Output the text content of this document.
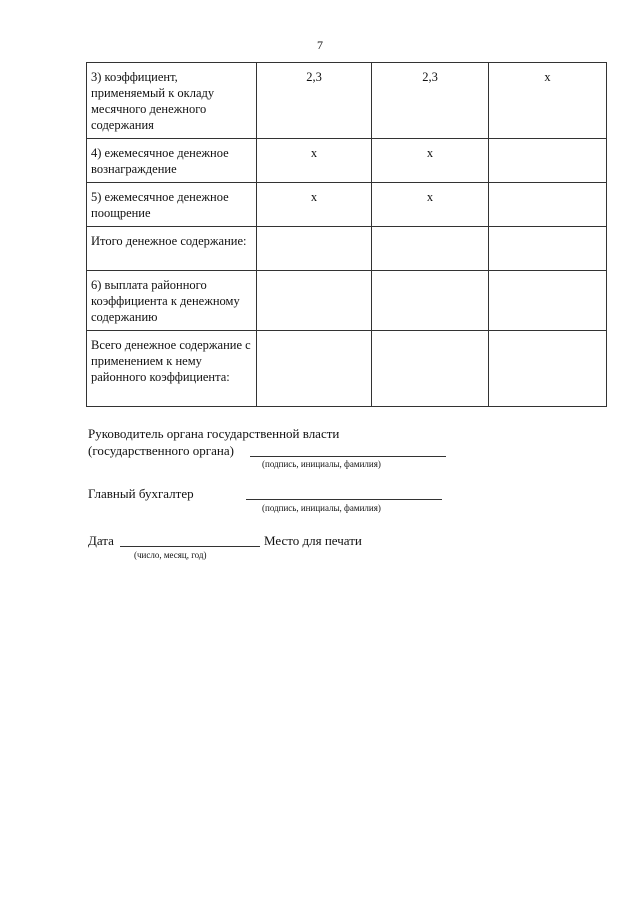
7
3) коэффициент, применяемый к окладу месячного денежного содержания	2,3	2,3	x
4) ежемесячное денежное вознаграждение	x	x	
5) ежемесячное денежное поощрение	x	x	
Итого денежное содержание:			
6) выплата районного коэффициента к денежному содержанию			
Всего денежное содержание с применением к нему районного коэффициента:			
Руководитель органа государственной власти
(государственного органа)
(подпись, инициалы, фамилия)
Главный бухгалтер
(подпись, инициалы, фамилия)
Дата	Место для печати
(число, месяц, год)
